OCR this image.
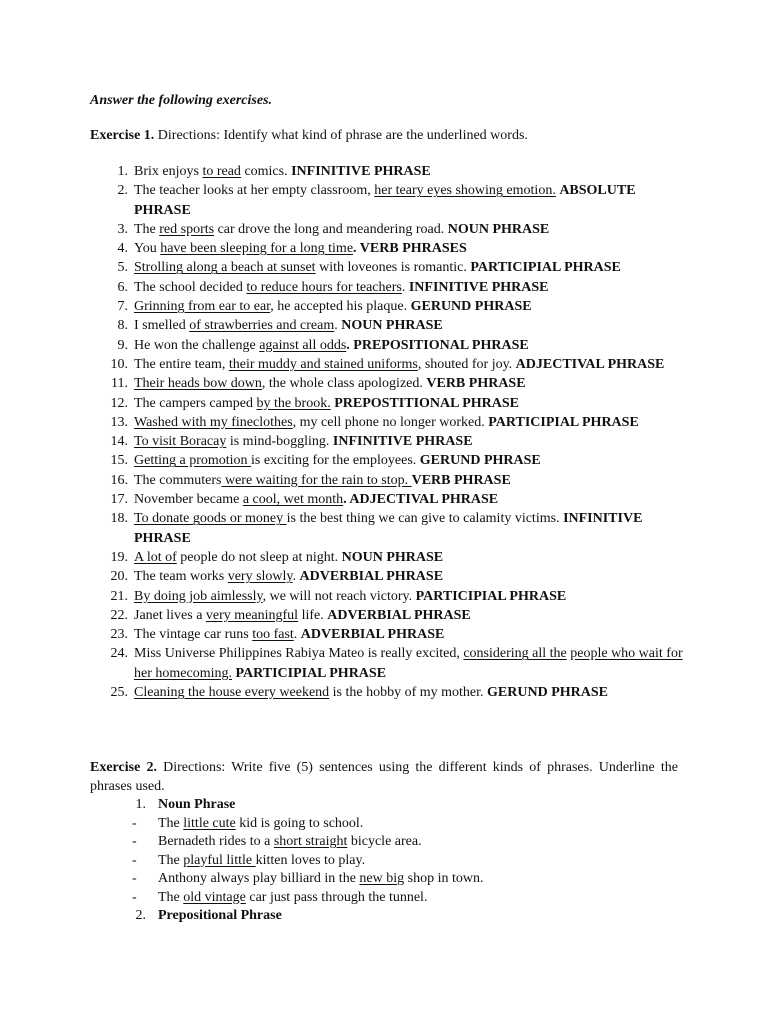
Answer the following exercises.
Exercise 1. Directions: Identify what kind of phrase are the underlined words.
1. Brix enjoys to read comics. INFINITIVE PHRASE
2. The teacher looks at her empty classroom, her teary eyes showing emotion. ABSOLUTE PHRASE
3. The red sports car drove the long and meandering road. NOUN PHRASE
4. You have been sleeping for a long time. VERB PHRASES
5. Strolling along a beach at sunset with loveones is romantic. PARTICIPIAL PHRASE
6. The school decided to reduce hours for teachers. INFINITIVE PHRASE
7. Grinning from ear to ear, he accepted his plaque. GERUND PHRASE
8. I smelled of strawberries and cream. NOUN PHRASE
9. He won the challenge against all odds. PREPOSITIONAL PHRASE
10. The entire team, their muddy and stained uniforms, shouted for joy. ADJECTIVAL PHRASE
11. Their heads bow down, the whole class apologized. VERB PHRASE
12. The campers camped by the brook. PREPOSTITIONAL PHRASE
13. Washed with my fineclothes, my cell phone no longer worked. PARTICIPIAL PHRASE
14. To visit Boracay is mind-boggling. INFINITIVE PHRASE
15. Getting a promotion is exciting for the employees. GERUND PHRASE
16. The commuters were waiting for the rain to stop. VERB PHRASE
17. November became a cool, wet month. ADJECTIVAL PHRASE
18. To donate goods or money is the best thing we can give to calamity victims. INFINITIVE PHRASE
19. A lot of people do not sleep at night. NOUN PHRASE
20. The team works very slowly. ADVERBIAL PHRASE
21. By doing job aimlessly, we will not reach victory. PARTICIPIAL PHRASE
22. Janet lives a very meaningful life. ADVERBIAL PHRASE
23. The vintage car runs too fast. ADVERBIAL PHRASE
24. Miss Universe Philippines Rabiya Mateo is really excited, considering all the people who wait for her homecoming. PARTICIPIAL PHRASE
25. Cleaning the house every weekend is the hobby of my mother. GERUND PHRASE
Exercise 2. Directions: Write five (5) sentences using the different kinds of phrases. Underline the phrases used.
1. Noun Phrase
-	The little cute kid is going to school.
-	Bernadeth rides to a short straight bicycle area.
-	The playful little kitten loves to play.
-	Anthony always play billiard in the new big shop in town.
-	The old vintage car just pass through the tunnel.
2. Prepositional Phrase
